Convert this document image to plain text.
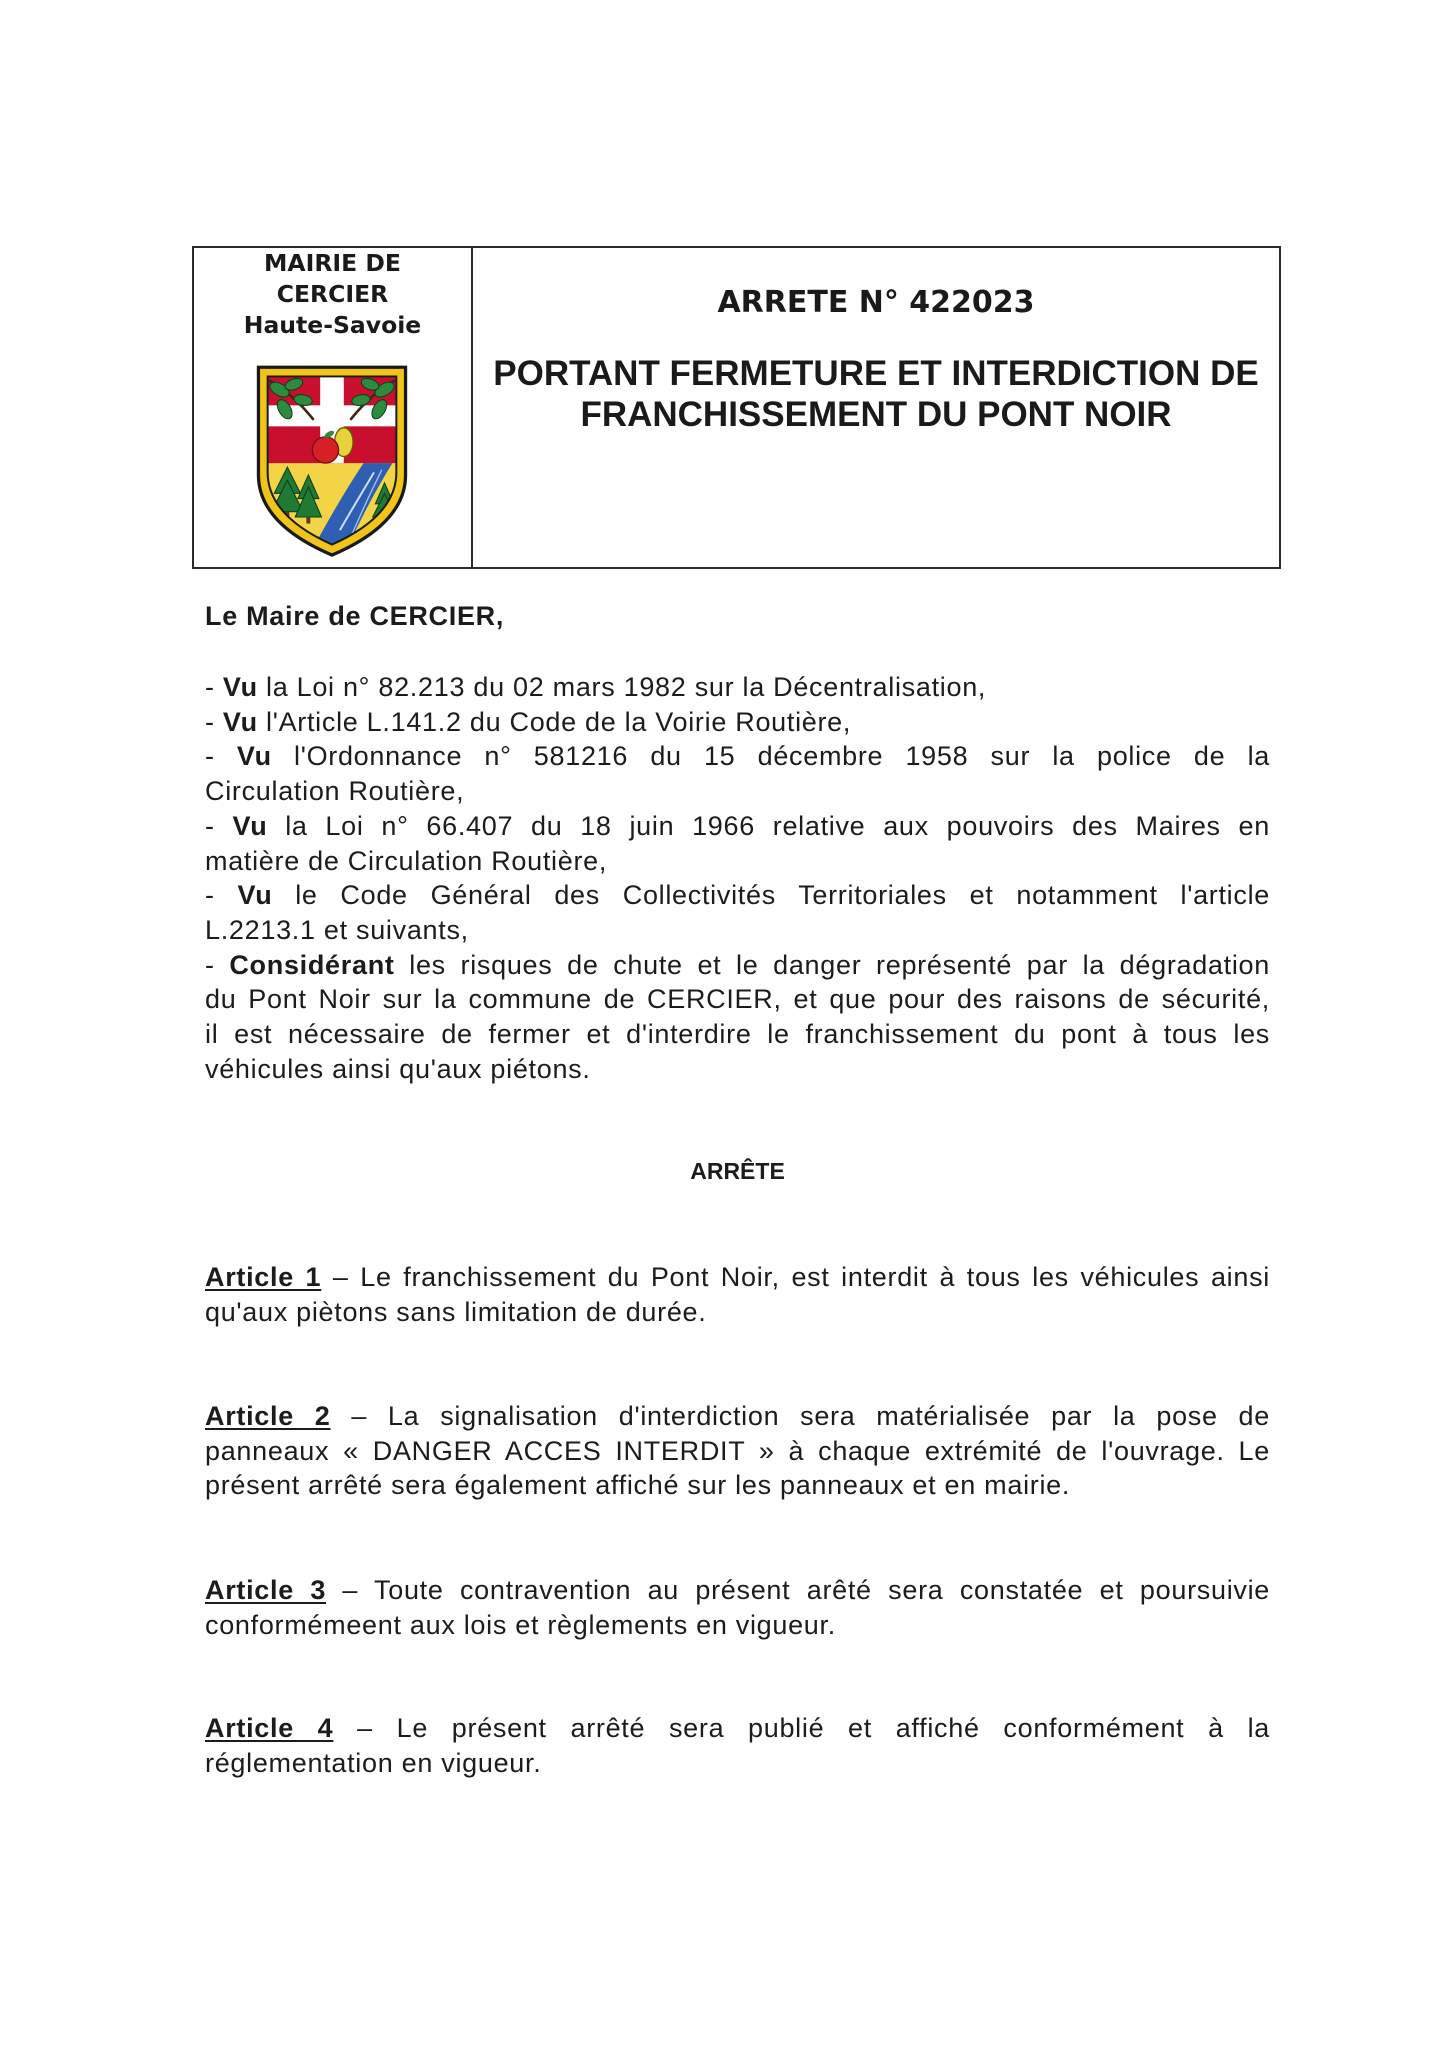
MAIRIE DE
CERCIER
Haute-Savoie
ARRETE N° 422023
PORTANT FERMETURE ET INTERDICTION DE
FRANCHISSEMENT DU PONT NOIR
Le Maire de CERCIER,
- Vu la Loi n° 82.213 du 02 mars 1982 sur la Décentralisation,
- Vu l'Article L.141.2 du Code de la Voirie Routière,
- Vu l'Ordonnance n° 581216 du 15 décembre 1958 sur la police de la
Circulation Routière,
- Vu la Loi n° 66.407 du 18 juin 1966 relative aux pouvoirs des Maires en
matière de Circulation Routière,
- Vu le Code Général des Collectivités Territoriales et notamment l'article
L.2213.1 et suivants,
- Considérant les risques de chute et le danger représenté par la dégradation
du Pont Noir sur la commune de CERCIER, et que pour des raisons de sécurité,
il est nécessaire de fermer et d'interdire le franchissement du pont à tous les
véhicules ainsi qu'aux piétons.
ARRÊTE
Article 1 – Le franchissement du Pont Noir, est interdit à tous les véhicules ainsi
qu'aux piètons sans limitation de durée.
Article 2 – La signalisation d'interdiction sera matérialisée par la pose de
panneaux « DANGER ACCES INTERDIT » à chaque extrémité de l'ouvrage. Le
présent arrêté sera également affiché sur les panneaux et en mairie.
Article 3 – Toute contravention au présent arêté sera constatée et poursuivie
conformémeent aux lois et règlements en vigueur.
Article 4 – Le présent arrêté sera publié et affiché conformément à la
réglementation en vigueur.
